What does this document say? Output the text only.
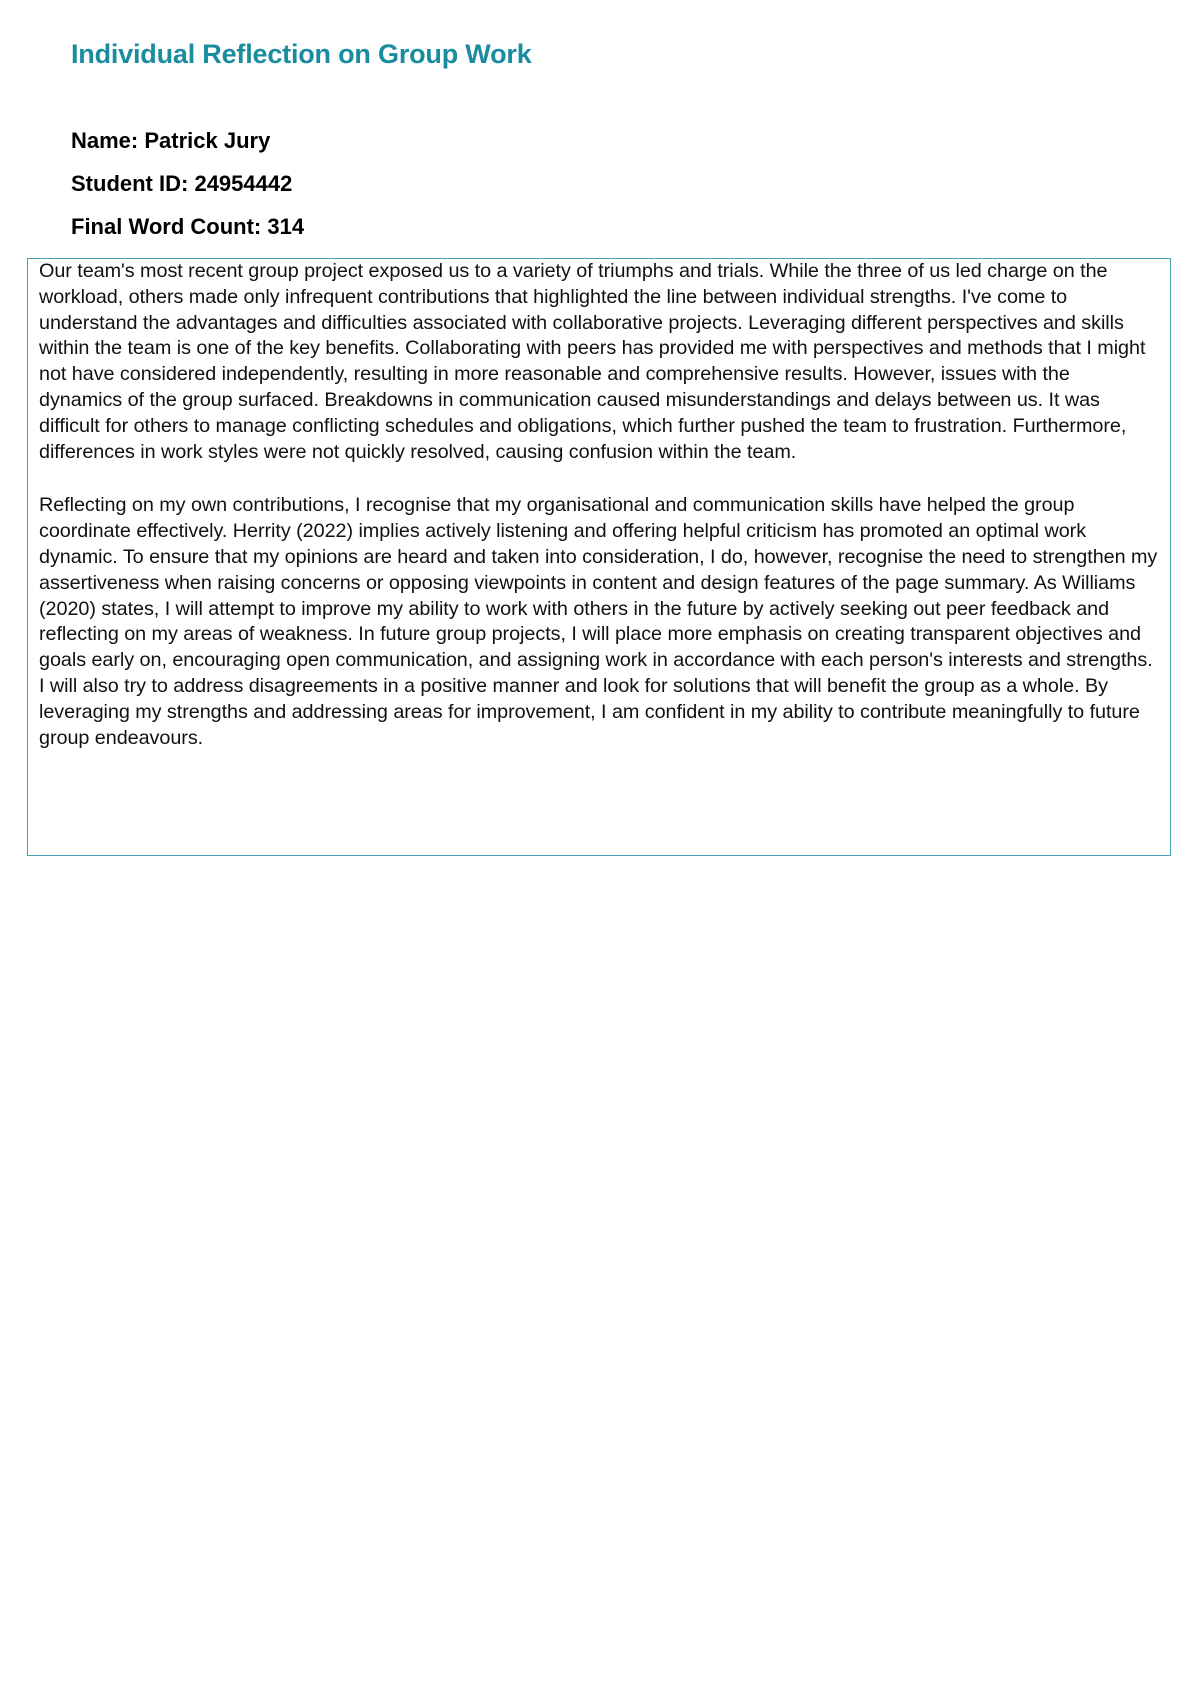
Individual Reflection on Group Work

Name: Patrick Jury

Student ID: 24954442

Final Word Count: 314

Our team's most recent group project exposed us to a variety of triumphs and trials. While the three of us led charge on the workload, others made only infrequent contributions that highlighted the line between individual strengths. I've come to understand the advantages and difficulties associated with collaborative projects. Leveraging different perspectives and skills within the team is one of the key benefits. Collaborating with peers has provided me with perspectives and methods that I might not have considered independently, resulting in more reasonable and comprehensive results. However, issues with the dynamics of the group surfaced. Breakdowns in communication caused misunderstandings and delays between us. It was difficult for others to manage conflicting schedules and obligations, which further pushed the team to frustration. Furthermore, differences in work styles were not quickly resolved, causing confusion within the team.

Reflecting on my own contributions, I recognise that my organisational and communication skills have helped the group coordinate effectively. Herrity (2022) implies actively listening and offering helpful criticism has promoted an optimal work dynamic. To ensure that my opinions are heard and taken into consideration, I do, however, recognise the need to strengthen my assertiveness when raising concerns or opposing viewpoints in content and design features of the page summary. As Williams (2020) states, I will attempt to improve my ability to work with others in the future by actively seeking out peer feedback and reflecting on my areas of weakness. In future group projects, I will place more emphasis on creating transparent objectives and goals early on, encouraging open communication, and assigning work in accordance with each person's interests and strengths. I will also try to address disagreements in a positive manner and look for solutions that will benefit the group as a whole. By leveraging my strengths and addressing areas for improvement, I am confident in my ability to contribute meaningfully to future group endeavours.
